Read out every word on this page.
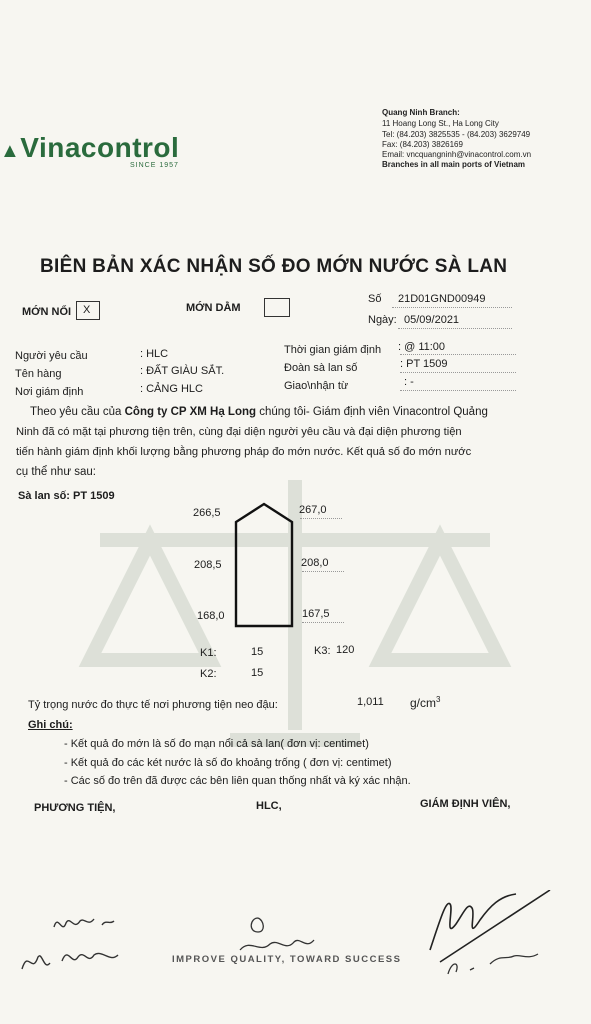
▲Vinacontrol
SINCE 1957
Quang Ninh Branch:
11 Hoang Long St., Ha Long City
Tel: (84.203) 3825535 - (84.203) 3629749
Fax: (84.203) 3826169
Email: vncquangninh@vinacontrol.com.vn
Branches in all main ports of Vietnam
BIÊN BẢN XÁC NHẬN SỐ ĐO MỚN NƯỚC SÀ LAN
MỚN NỔI X	MỚN DẰM
Số 21D01GND00949
Ngày: 05/09/2021
Người yêu cầu	: HLC
Tên hàng	: ĐẤT GIÀU SẮT.
Nơi giám định	: CẢNG HLC
Thời gian giám định : @ 11:00
Đoàn sà lan số	: PT 1509
Giao\nhận từ	: -
Theo yêu cầu của Công ty CP XM Hạ Long chúng tôi- Giám định viên Vinacontrol Quảng
Ninh đã có mặt tại phương tiện trên, cùng đại diện người yêu cầu và đại diện phương tiện
tiến hành giám định khối lượng bằng phương pháp đo mớn nước. Kết quả số đo mớn nước
cụ thể như sau:
Sà lan số: PT 1509
266,5	267,0
208,5	208,0
168,0	167,5
K1:	15	K3: 120
K2:	15
Tỷ trọng nước đo thực tế nơi phương tiện neo đậu:	1,011 $g/cm^3$
Ghi chú:
- Kết quả đo mớn là số đo mạn nổi cả sà lan( đơn vị: centimet)
- Kết quả đo các két nước là số đo khoảng trống ( đơn vị: centimet)
- Các số đo trên đã được các bên liên quan thống nhất và ký xác nhận.
PHƯƠNG TIỆN,	HLC,	GIÁM ĐỊNH VIÊN,
IMPROVE QUALITY, TOWARD SUCCESS
